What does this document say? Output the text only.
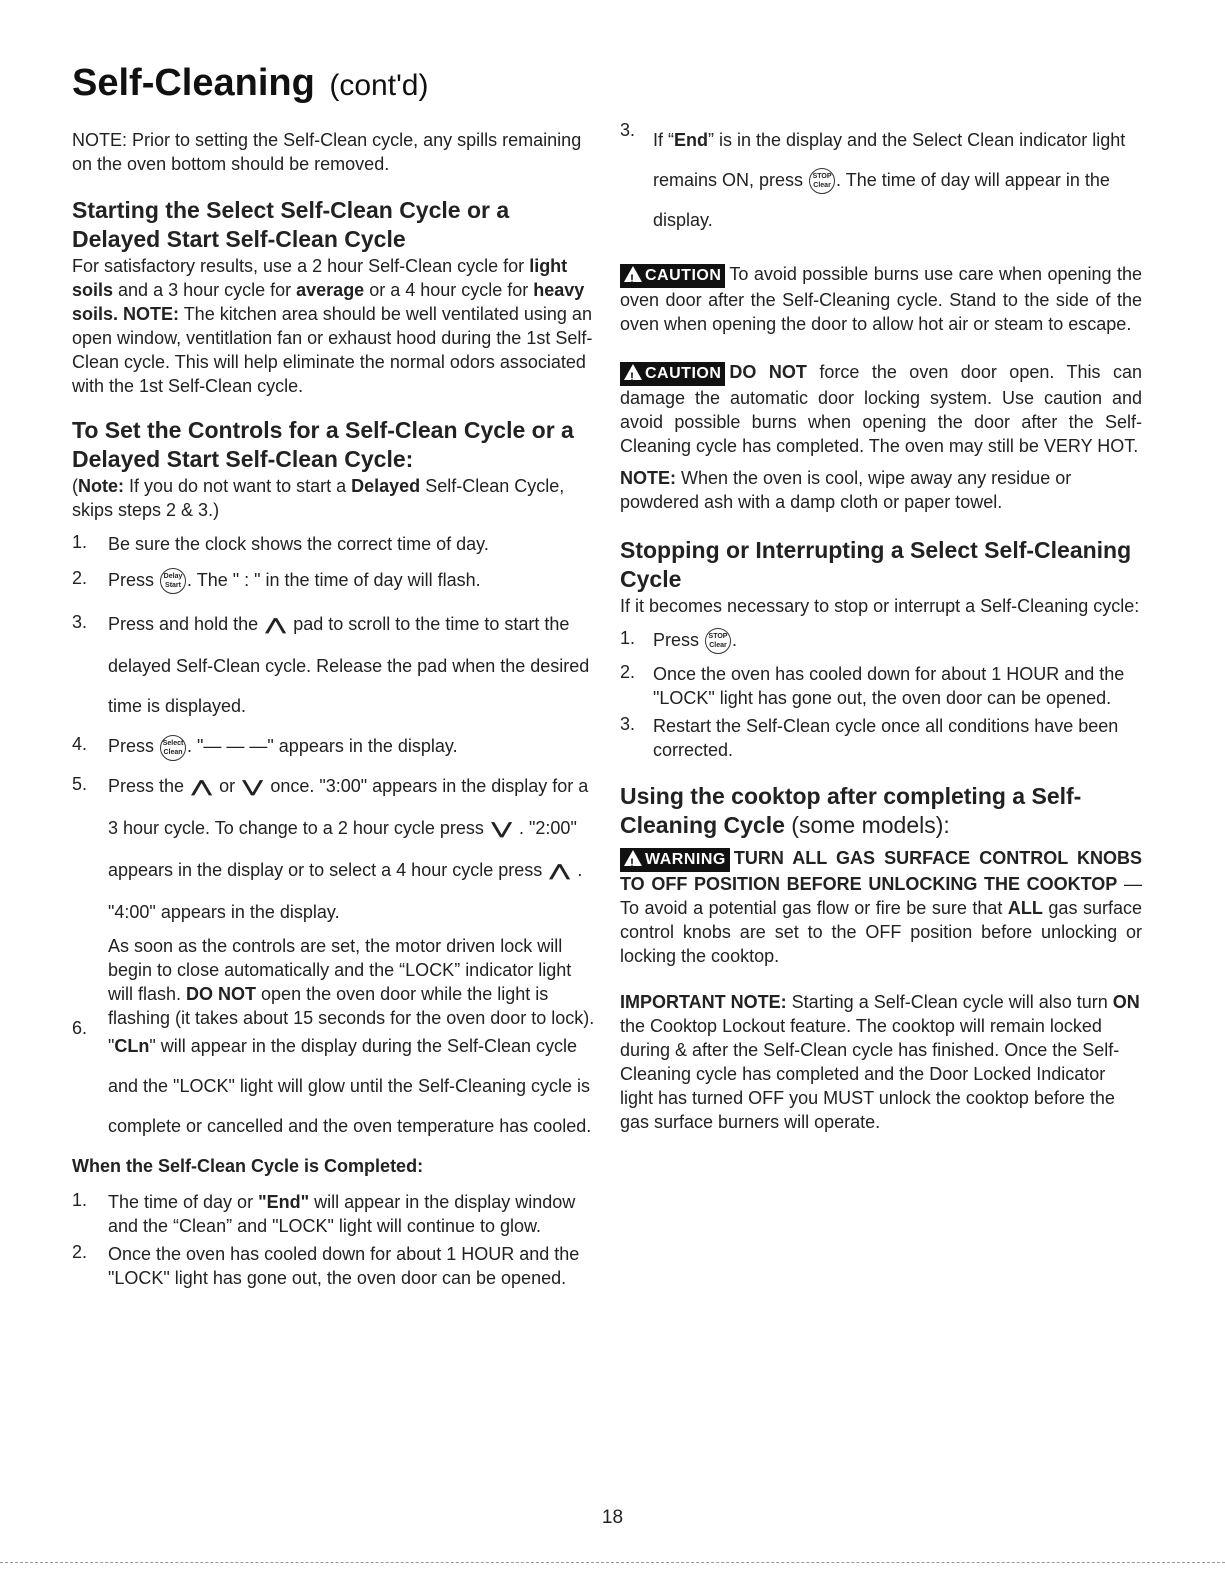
Self-Cleaning (cont'd)

NOTE: Prior to setting the Self-Clean cycle, any spills remaining on the oven bottom should be removed.

Starting the Select Self-Clean Cycle or a Delayed Start Self-Clean Cycle

For satisfactory results, use a 2 hour Self-Clean cycle for light soils and a 3 hour cycle for average or a 4 hour cycle for heavy soils. NOTE: The kitchen area should be well ventilated using an open window, ventitlation fan or exhaust hood during the 1st Self-Clean cycle. This will help eliminate the normal odors associated with the 1st Self-Clean cycle.

To Set the Controls for a Self-Clean Cycle or a Delayed Start Self-Clean Cycle:

(Note: If you do not want to start a Delayed Self-Clean Cycle, skips steps 2 & 3.)

1. Be sure the clock shows the correct time of day.

2. Press Delay
Start . The " : " in the time of day will flash.

3. Press and hold the ⋀ pad to scroll to the time to start the delayed Self-Clean cycle. Release the pad when the desired time is displayed.

4. Press Select
Clean . "— — —" appears in the display.

5. Press the ⋀ or ⋁ once. "3:00" appears in the display for a 3 hour cycle. To change to a 2 hour cycle press ⋁ . "2:00" appears in the display or to select a 4 hour cycle press ⋀ . "4:00" appears in the display.

As soon as the controls are set, the motor driven lock will begin to close automatically and the “LOCK” indicator light will flash. DO NOT open the oven door while the light is flashing (it takes about 15 seconds for the oven door to lock).

6.

"CLn" will appear in the display during the Self-Clean cycle and the "LOCK" light will glow until the Self-Cleaning cycle is complete or cancelled and the oven temperature has cooled.

When the Self-Clean Cycle is Completed:
1. The time of day or "End" will appear in the display window and the “Clean” and "LOCK" light will continue to glow.

2. Once the oven has cooled down for about 1 HOUR and the "LOCK" light has gone out, the oven door can be opened.

3. If “End” is in the display and the Select Clean indicator light remains ON, press STOP
Clear . The time of day will appear in the display.

!CAUTION To avoid possible burns use care when opening the oven door after the Self-Cleaning cycle. Stand to the side of the oven when opening the door to allow hot air or steam to escape.

!CAUTION DO NOT force the oven door open. This can damage the automatic door locking system. Use caution and avoid possible burns when opening the door after the Self-Cleaning cycle has completed. The oven may still be VERY HOT.

NOTE: When the oven is cool, wipe away any residue or powdered ash with a damp cloth or paper towel.

Stopping or Interrupting a Select Self-Cleaning Cycle

If it becomes necessary to stop or interrupt a Self-Cleaning cycle:

1. Press STOP
Clear .

2. Once the oven has cooled down for about 1 HOUR and the "LOCK" light has gone out, the oven door can be opened.

3. Restart the Self-Clean cycle once all conditions have been corrected.

Using the cooktop after completing a Self-Cleaning Cycle (some models):

!WARNING TURN ALL GAS SURFACE CONTROL KNOBS TO OFF POSITION BEFORE UNLOCKING THE COOKTOP — To avoid a potential gas flow or fire be sure that ALL gas surface control knobs are set to the OFF position before unlocking or locking the cooktop.

IMPORTANT NOTE: Starting a Self-Clean cycle will also turn ON the Cooktop Lockout feature. The cooktop will remain locked during & after the Self-Clean cycle has finished. Once the Self-Cleaning cycle has completed and the Door Locked Indicator light has turned OFF you MUST unlock the cooktop before the gas surface burners will operate.

18
